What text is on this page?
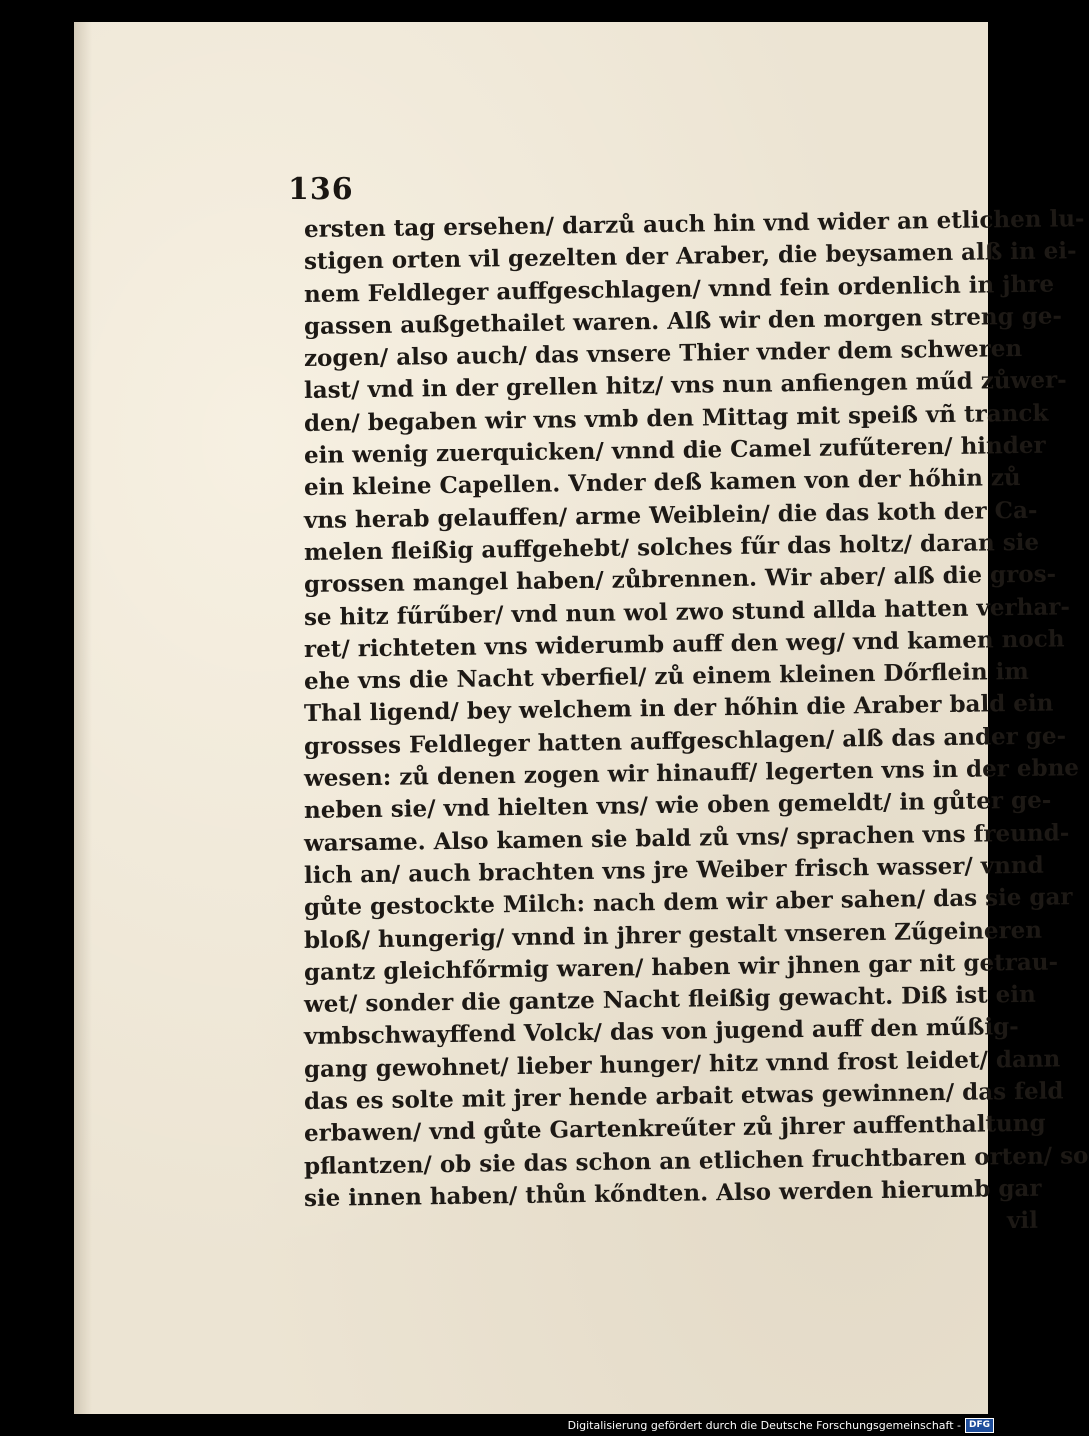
136
ersten tag ersehen/ darzů auch hin vnd wider an etlichen lu-
stigen orten vil gezelten der Araber, die beysamen alß in ei-
nem Feldleger auffgeschlagen/ vnnd fein ordenlich in jhre
gassen außgethailet waren. Alß wir den morgen streng ge-
zogen/ also auch/ das vnsere Thier vnder dem schweren
last/ vnd in der grellen hitz/ vns nun anfiengen műd zůwer-
den/ begaben wir vns vmb den Mittag mit speiß vñ tranck
ein wenig zuerquicken/ vnnd die Camel zufűteren/ hinder
ein kleine Capellen. Vnder deß kamen von der hőhin zů
vns herab gelauffen/ arme Weiblein/ die das koth der Ca-
melen fleißig auffgehebt/ solches fűr das holtz/ daran sie
grossen mangel haben/ zůbrennen. Wir aber/ alß die gros-
se hitz fűrűber/ vnd nun wol zwo stund allda hatten verhar-
ret/ richteten vns widerumb auff den weg/ vnd kamen noch
ehe vns die Nacht vberfiel/ zů einem kleinen Dőrflein im
Thal ligend/ bey welchem in der hőhin die Araber bald ein
grosses Feldleger hatten auffgeschlagen/ alß das ander ge-
wesen: zů denen zogen wir hinauff/ legerten vns in der ebne
neben sie/ vnd hielten vns/ wie oben gemeldt/ in gůter ge-
warsame. Also kamen sie bald zů vns/ sprachen vns freund-
lich an/ auch brachten vns jre Weiber frisch wasser/ vnnd
gůte gestockte Milch: nach dem wir aber sahen/ das sie gar
bloß/ hungerig/ vnnd in jhrer gestalt vnseren Zűgeineren
gantz gleichfőrmig waren/ haben wir jhnen gar nit getrau-
wet/ sonder die gantze Nacht fleißig gewacht. Diß ist ein
vmbschwayffend Volck/ das von jugend auff den műßig-
gang gewohnet/ lieber hunger/ hitz vnnd frost leidet/ dann
das es solte mit jrer hende arbait etwas gewinnen/ das feld
erbawen/ vnd gůte Gartenkreűter zů jhrer auffenthaltung
pflantzen/ ob sie das schon an etlichen fruchtbaren orten/ so
sie innen haben/ thůn kőndten. Also werden hierumb gar
vil
Digitalisierung gefördert durch die Deutsche Forschungsgemeinschaft - DFG
